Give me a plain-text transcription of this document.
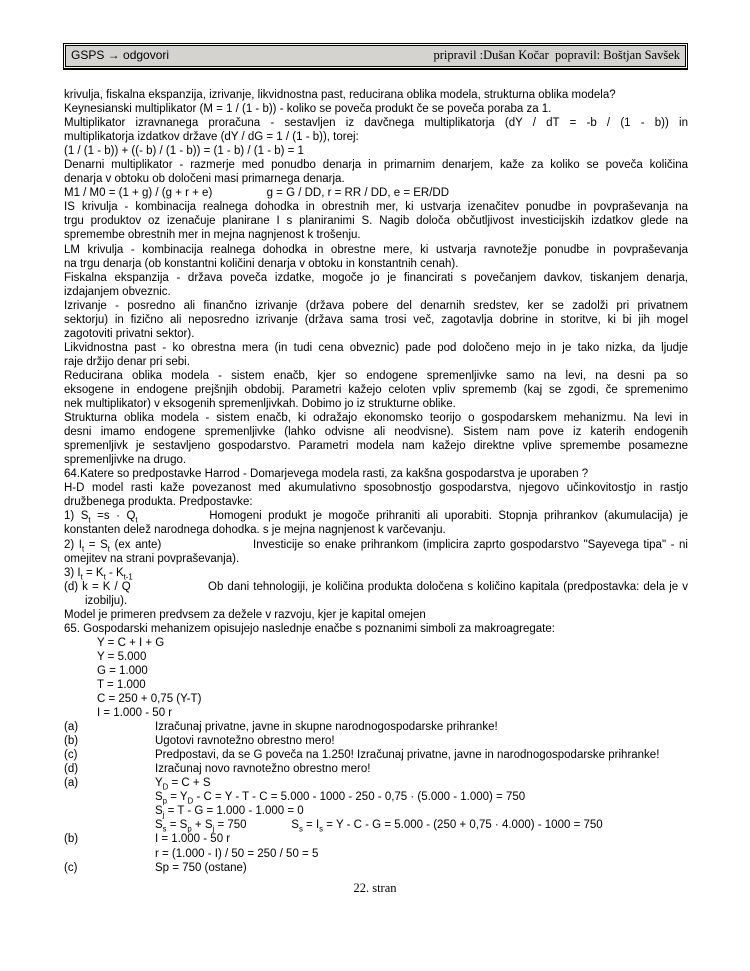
GSPS → odgovori	pripravil :Dušan Kočar  popravil: Boštjan Savšek
krivulja, fiskalna ekspanzija, izrivanje, likvidnostna past, reducirana oblika modela, strukturna oblika modela?
Keynesianski multiplikator (M = 1 / (1 - b)) - koliko se poveča produkt če se poveča poraba za 1.
Multiplikator izravnanega proračuna - sestavljen iz davčnega multiplikatorja (dY / dT = -b / (1 - b)) in
multiplikatorja izdatkov države (dY / dG = 1 / (1 - b)), torej:
(1 / (1 - b)) + ((- b) / (1 - b)) = (1 - b) / (1 - b) = 1
Denarni multiplikator - razmerje med ponudbo denarja in primarnim denarjem, kaže za koliko se poveča količina
denarja v obtoku ob določeni masi primarnega denarja.
M1 / M0 = (1 + g) / (g + r + e)                 g = G / DD, r = RR / DD, e = ER/DD
IS krivulja - kombinacija realnega dohodka in obrestnih mer, ki ustvarja izenačitev ponudbe in povpraševanja na
trgu produktov oz izenačuje planirane I s planiranimi S. Nagib določa občutljivost investicijskih izdatkov glede na
spremembe obrestnih mer in mejna nagnjenost k trošenju.
LM krivulja - kombinacija realnega dohodka in obrestne mere, ki ustvarja ravnotežje ponudbe in povpraševanja
na trgu denarja (ob konstantni količini denarja v obtoku in konstantnih cenah).
Fiskalna ekspanzija - država poveča izdatke, mogoče jo je financirati s povečanjem davkov, tiskanjem denarja,
izdajanjem obveznic.
Izrivanje - posredno ali finančno izrivanje (država pobere del denarnih sredstev, ker se zadolži pri privatnem
sektorju) in fizično ali neposredno izrivanje (država sama trosi več, zagotavlja dobrine in storitve, ki bi jih mogel
zagotoviti privatni sektor).
Likvidnostna past - ko obrestna mera (in tudi cena obveznic) pade pod določeno mejo in je tako nizka, da ljudje
raje držijo denar pri sebi.
Reducirana oblika modela - sistem enačb, kjer so endogene spremenljivke samo na levi, na desni pa so
eksogene in endogene prejšnjih obdobij. Parametri kažejo celoten vpliv sprememb (kaj se zgodi, če spremenimo
nek multiplikator) v eksogenih spremenljivkah. Dobimo jo iz strukturne oblike.
Strukturna oblika modela - sistem enačb, ki odražajo ekonomsko teorijo o gospodarskem mehanizmu. Na levi in
desni imamo endogene spremenljivke (lahko odvisne ali neodvisne). Sistem nam pove iz katerih endogenih
spremenljivk je sestavljeno gospodarstvo. Parametri modela nam kažejo direktne vplive spremembe posamezne
spremenljivke na drugo.
64.Katere so predpostavke Harrod - Domarjevega modela rasti, za kakšna gospodarstva je uporaben ?
H-D model rasti kaže povezanost med akumulativno sposobnostjo gospodarstva, njegovo učinkovitostjo in rastjo
družbenega produkta. Predpostavke:
1) $S_t =s \cdot Q_t$           Homogeni produkt je mogoče prihraniti ali uporabiti. Stopnja prihrankov (akumulacija) je
konstanten delež narodnega dohodka. s je mejna nagnjenost k varčevanju.
2) $I_t = S_t$ (ex ante)                    Investicije so enake prihrankom (implicira zaprto gospodarstvo "Sayevega tipa" - ni
omejitev na strani povpraševanja).
3) $I_t = K_t - K_{t-1}$
(d) k = K / Q                   Ob dani tehnologiji, je količina produkta določena s količino kapitala (predpostavka: dela je v
izobilju).
Model je primeren predvsem za dežele v razvoju, kjer je kapital omejen
65. Gospodarski mehanizem opisujejo naslednje enačbe s poznanimi simboli za makroagregate:
Y = C + I + G
Y = 5.000
G = 1.000
T = 1.000
C = 250 + 0,75 (Y-T)
I = 1.000 - 50 r
(a)	Izračunaj privatne, javne in skupne narodnogospodarske prihranke!
(b)	Ugotovi ravnotežno obrestno mero!
(c)	Predpostavi, da se G poveča na 1.250! Izračunaj privatne, javne in narodnogospodarske prihranke!
(d)	Izračunaj novo ravnotežno obrestno mero!
(a)	$Y_D = C + S$
$S_p = Y_D - C = Y - T - C = 5.000 - 1000 - 250 - 0,75 \cdot (5.000 - 1.000) = 750$
$S_j = T - G = 1.000 - 1.000 = 0$
$S_s = S_p + S_j = 750$              $S_s = I_s = Y - C - G = 5.000 - (250 + 0,75 \cdot 4.000) - 1000 = 750$
(b)	I = 1.000 - 50 r
r = (1.000 - I) / 50 = 250 / 50 = 5
(c)	Sp = 750 (ostane)
22. stran
